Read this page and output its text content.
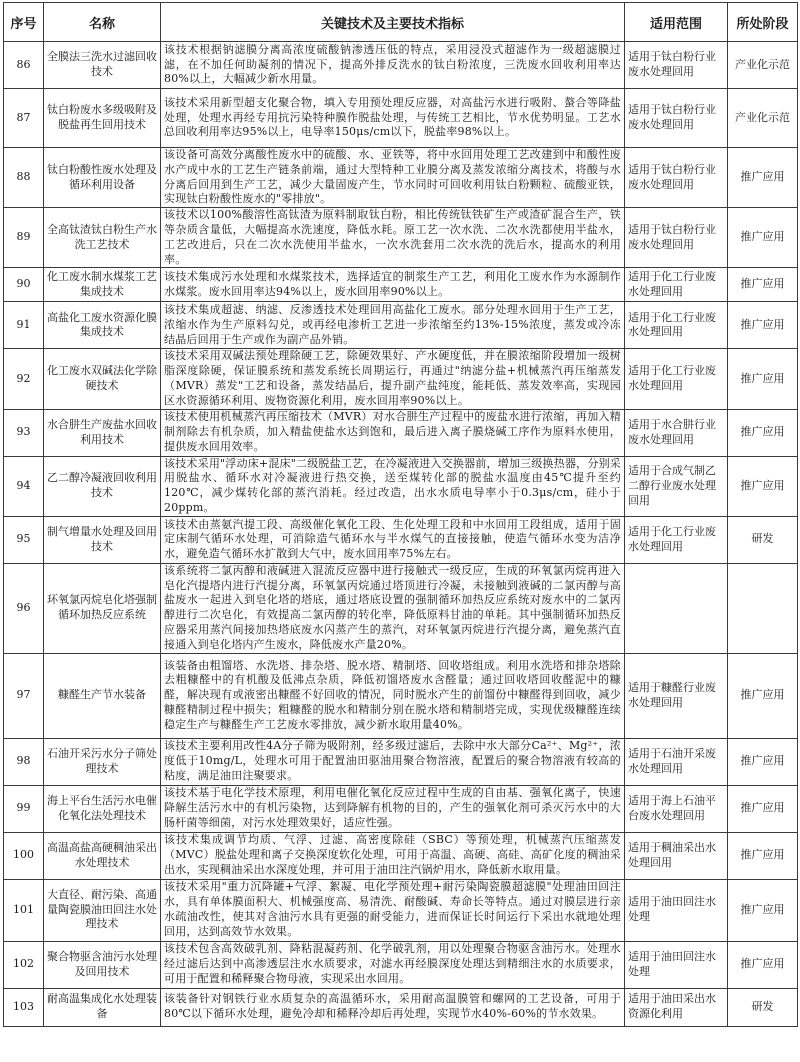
序号	名称	关键技术及主要技术指标	适用范围	所处阶段
86	全膜法三洗水过滤回收技术	该技术根据钠滤膜分离高浓度硫酸钠渗透压低的特点，采用浸没式超滤作为一级超滤膜过滤，在不加任何助凝剂的情况下，提高外排反洗水的钛白粉浓度，三洗废水回收利用率达80%以上，大幅减少新水用量。	适用于钛白粉行业废水处理回用	产业化示范
87	钛白粉废水多级吸附及脱盐再生回用技术	该技术采用新型超支化聚合物，填入专用预处理反应器，对高盐污水进行吸附、螯合等降盐处理，处理水再经专用抗污染特种膜作脱盐处理，与传统工艺相比，节水优势明显。工艺水总回收利用率达95%以上，电导率150μs/cm以下，脱盐率98%以上。	适用于钛白粉行业废水处理回用	产业化示范
88	钛白粉酸性废水处理及循环利用设备	该设备可高效分离酸性废水中的硫酸、水、亚铁等，将中水回用处理工艺改建到中和酸性废水产成中水的工艺生产链条前端，通过大型特种工业膜分离及蒸发浓缩分离技术，将酸与水分离后回用到生产工艺，减少大量固废产生，节水同时可回收利用钛白粉颗粒、硫酸亚铁，实现钛白粉酸性废水的"零排放"。	适用于钛白粉行业废水处理回用	推广应用
89	全高钛渣钛白粉生产水洗工艺技术	该技术以100%酸溶性高钛渣为原料制取钛白粉，相比传统钛铁矿生产或渣矿混合生产，铁等杂质含量低，大幅提高水洗速度，降低水耗。原工艺一次水洗、二次水洗都使用半盐水，工艺改进后，只在二次水洗使用半盐水，一次水洗套用二次水洗的洗后水，提高水的利用率。	适用于钛白粉行业废水处理回用	推广应用
90	化工废水制水煤浆工艺集成技术	该技术集成污水处理和水煤浆技术，选择适宜的制浆生产工艺，利用化工废水作为水源制作水煤浆。废水回用率达94%以上，废水回用率90%以上。	适用于化工行业废水处理回用	推广应用
91	高盐化工废水资源化膜集成技术	该技术集成超滤、纳滤、反渗透技术处理回用高盐化工废水。部分处理水回用于生产工艺，浓缩水作为生产原料勾兑，或再经电渗析工艺进一步浓缩至约13%-15%浓度，蒸发或冷冻结晶后回用于生产或作为副产品外销。	适用于化工行业废水处理回用	推广应用
92	化工废水双碱法化学除硬技术	该技术采用双碱法预处理除硬工艺，除硬效果好、产水硬度低，并在膜浓缩阶段增加一级树脂深度除硬，保证膜系统和蒸发系统长周期运行，再通过"纳滤分盐+机械蒸汽再压缩蒸发（MVR）蒸发"工艺和设备，蒸发结晶后，提升副产盐纯度，能耗低、蒸发效率高，实现园区水资源循环利用、废物资源化利用，废水回用率90%以上。	适用于化工行业废水处理回用	推广应用
93	水合肼生产废盐水回收利用技术	该技术使用机械蒸汽再压缩技术（MVR）对水合肼生产过程中的废盐水进行浓缩，再加入精制剂除去有机杂质，加入精盐使盐水达到饱和，最后进入离子膜烧碱工序作为原料水使用，提供废水回用效率。	适用于水合肼行业废水处理回用	推广应用
94	乙二醇冷凝液回收利用技术	该技术采用"浮动床+混床"二级脱盐工艺，在冷凝液进入交换器前，增加三级换热器，分别采用脱盐水、循环水对冷凝液进行热交换，送至煤转化部的脱盐水温度由45℃提升至约120℃，减少煤转化部的蒸汽消耗。经过改造，出水水质电导率小于0.3μs/cm，硅小于20ppm。	适用于合成气制乙二醇行业废水处理回用	推广应用
95	制气增量水处理及回用技术	该技术由蒸氨汽提工段、高级催化氧化工段、生化处理工段和中水回用工段组成，适用于固定床制气循环水处理，可消除造气循环水与半水煤气的直接接触，使造气循环水变为洁净水，避免造气循环水扩散到大气中，废水回用率75%左右。	适用于化工行业废水处理回用	研发
96	环氧氯丙烷皂化塔强制循环加热反应系统	该系统将二氯丙醇和液碱进入混流反应器中进行接触式一级反应，生成的环氧氯丙烷再进入皂化汽提塔内进行汽提分离，环氧氯丙烷通过塔顶进行冷凝，未接触到液碱的二氯丙醇与高盐废水一起进入到皂化塔的塔底，通过塔底设置的强制循环加热反应系统对废水中的二氯丙醇进行二次皂化，有效提高二氯丙醇的转化率，降低原料甘油的单耗。其中强制循环加热反应器采用蒸汽间接加热塔底废水闪蒸产生的蒸汽，对环氧氯丙烷进行汽提分离，避免蒸汽直接通入到皂化塔内产生废水，降低废水产量20%。		
97	糠醛生产节水装备	该装备由粗馏塔、水洗塔、排杂塔、脱水塔、精制塔、回收塔组成。利用水洗塔和排杂塔除去粗糠醛中的有机酸及低沸点杂质，降低初馏塔废水含醛量；通过回收塔回收醛泥中的糠醛，解决现有或液密出糠醛不好回收的情况，同时脱水产生的前馏份中糠醛得到回收，减少糠醛精制过程中损失；粗糠醛的脱水和精制分别在脱水塔和精制塔完成，实现优级糠醛连续稳定生产与糠醛生产工艺废水零排放，减少新水取用量40%。	适用于糠醛行业废水处理回用	推广应用
98	石油开采污水分子筛处理技术	该技术主要利用改性4A分子筛为吸附剂，经多级过滤后，去除中水大部分Ca²⁺、Mg²⁺，浓度低于10mg/L，处理水可用于配置油田驱油用聚合物溶液，配置后的聚合物溶液有较高的粘度，满足油田注聚要求。	适用于石油开采废水处理回用	推广应用
99	海上平台生活污水电催化氧化法处理技术	该技术基于电化学技术原理，利用电催化氧化反应过程中生成的自由基、强氧化离子，快速降解生活污水中的有机污染物，达到降解有机物的目的，产生的强氧化剂可杀灭污水中的大肠杆菌等细菌，对污水处理效果好，适应性强。	适用于海上石油平台废水处理回用	推广应用
100	高温高盐高硬稠油采出水处理技术	该技术集成调节均质、气浮、过滤、高密度除硅（SBC）等预处理，机械蒸汽压缩蒸发（MVC）脱盐处理和离子交换深度软化处理，可用于高温、高硬、高硅、高矿化度的稠油采出水，实现稠油采出水深度处理，并可用于油田注汽锅炉用水，降低新水取用量。	适用于稠油采出水处理回用	推广应用
101	大直径、耐污染、高通量陶瓷膜油田回注水处理技术	该技术采用"重力沉降罐+气浮、絮凝、电化学预处理+耐污染陶瓷膜超滤膜"处理油田回注水，具有单体膜面积大、机械强度高、易清洗、耐酸碱、寿命长等特点。通过对膜层进行亲水疏油改性，使其对含油污水具有更强的耐受能力，进而保证长时间运行下采出水就地处理回用，达到高效节水效果。	适用于油田回注水处理	推广应用
102	聚合物驱含油污水处理及回用技术	该技术包含高效破乳剂、降粘混凝药剂、化学破乳剂，用以处理聚合物驱含油污水。处理水经过滤后达到中高渗透层注水水质要求，对滤水再经膜深度处理达到精细注水的水质要求，可用于配置和稀释聚合物母液，实现采出水回用。	适用于油田回注水处理	推广应用
103	耐高温集成化水处理装备	该装备针对钢铁行业水质复杂的高温循环水，采用耐高温膜管和螺网的工艺设备，可用于80℃以下循环水处理，避免冷却和稀释冷却后再处理，实现节水40%-60%的节水效果。	适用于油田采出水资源化利用	研发
